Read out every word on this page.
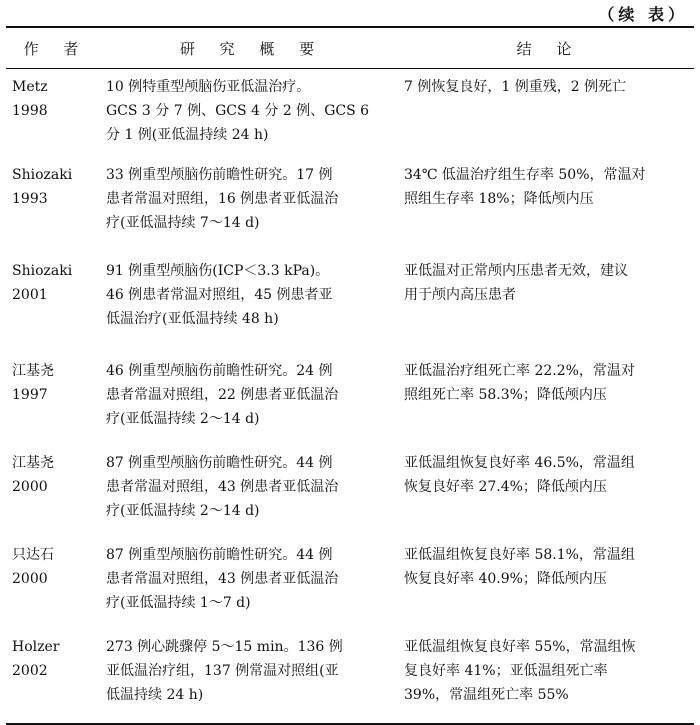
（续 表）
作 者	研 究 概 要	结 论
Metz
1998
10 例特重型颅脑伤亚低温治疗。
GCS 3 分 7 例、GCS 4 分 2 例、GCS 6
分 1 例(亚低温持续 24 h)
7 例恢复良好，1 例重残，2 例死亡
Shiozaki
1993
33 例重型颅脑伤前瞻性研究。17 例
患者常温对照组，16 例患者亚低温治
疗(亚低温持续 7～14 d)
34℃ 低温治疗组生存率 50%，常温对
照组生存率 18%；降低颅内压
Shiozaki
2001
91 例重型颅脑伤(ICP＜3.3 kPa)。
46 例患者常温对照组，45 例患者亚
低温治疗(亚低温持续 48 h)
亚低温对正常颅内压患者无效，建议
用于颅内高压患者
江基尧
1997
46 例重型颅脑伤前瞻性研究。24 例
患者常温对照组，22 例患者亚低温治
疗(亚低温持续 2～14 d)
亚低温治疗组死亡率 22.2%，常温对
照组死亡率 58.3%；降低颅内压
江基尧
2000
87 例重型颅脑伤前瞻性研究。44 例
患者常温对照组，43 例患者亚低温治
疗(亚低温持续 2～14 d)
亚低温组恢复良好率 46.5%，常温组
恢复良好率 27.4%；降低颅内压
只达石
2000
87 例重型颅脑伤前瞻性研究。44 例
患者常温对照组，43 例患者亚低温治
疗(亚低温持续 1～7 d)
亚低温组恢复良好率 58.1%，常温组
恢复良好率 40.9%；降低颅内压
Holzer
2002
273 例心跳骤停 5～15 min。136 例
亚低温治疗组，137 例常温对照组(亚
低温持续 24 h)
亚低温组恢复良好率 55%，常温组恢
复良好率 41%；亚低温组死亡率
39%，常温组死亡率 55%
